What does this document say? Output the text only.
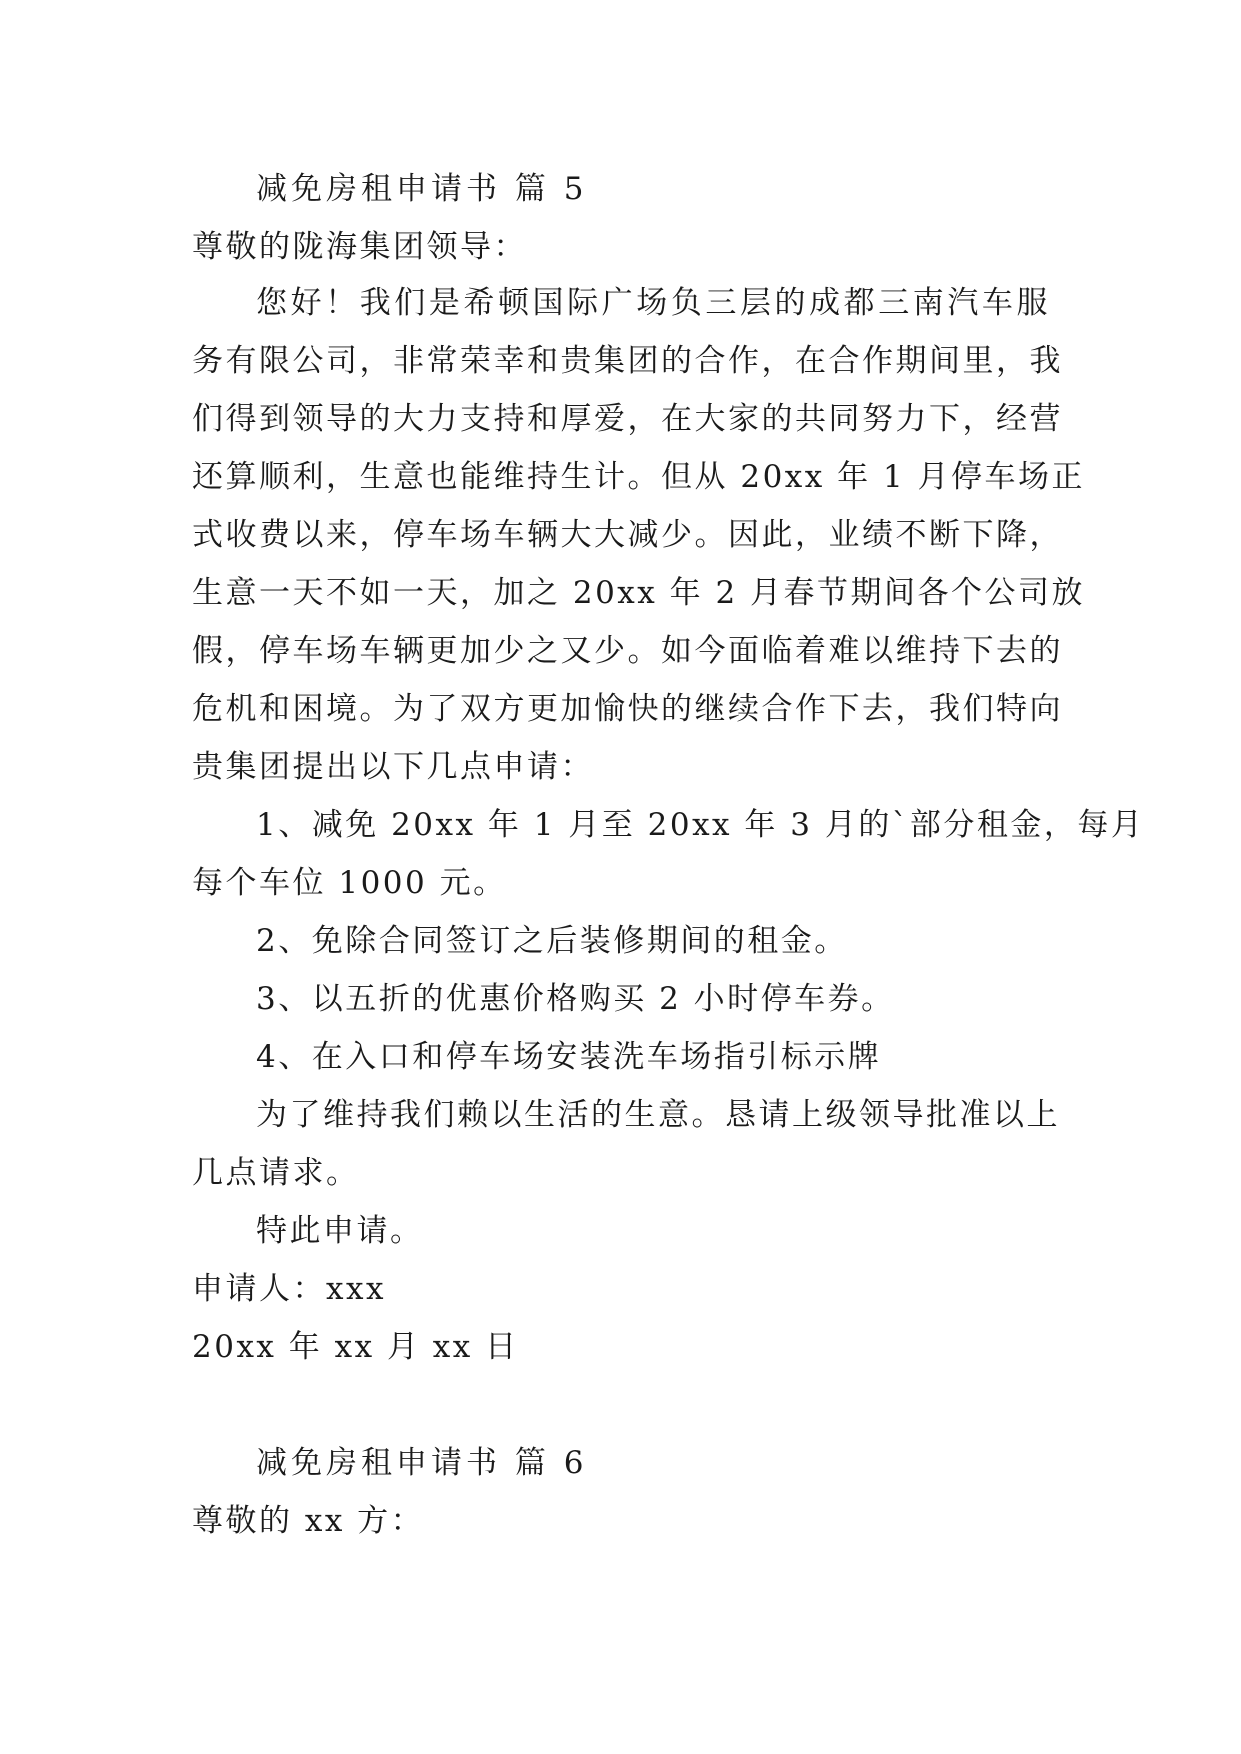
减免房租申请书 篇 5
尊敬的陇海集团领导：
您好！我们是希顿国际广场负三层的成都三南汽车服
务有限公司，非常荣幸和贵集团的合作，在合作期间里，我
们得到领导的大力支持和厚爱，在大家的共同努力下，经营
还算顺利，生意也能维持生计。但从 20xx 年 1 月停车场正
式收费以来，停车场车辆大大减少。因此，业绩不断下降，
生意一天不如一天，加之 20xx 年 2 月春节期间各个公司放
假，停车场车辆更加少之又少。如今面临着难以维持下去的
危机和困境。为了双方更加愉快的继续合作下去，我们特向
贵集团提出以下几点申请：
1、减免 20xx 年 1 月至 20xx 年 3 月的`部分租金，每月
每个车位 1000 元。
2、免除合同签订之后装修期间的租金。
3、以五折的优惠价格购买 2 小时停车券。
4、在入口和停车场安装洗车场指引标示牌
为了维持我们赖以生活的生意。恳请上级领导批准以上
几点请求。
特此申请。
申请人：xxx
20xx 年 xx 月 xx 日
减免房租申请书 篇 6
尊敬的 xx 方：
